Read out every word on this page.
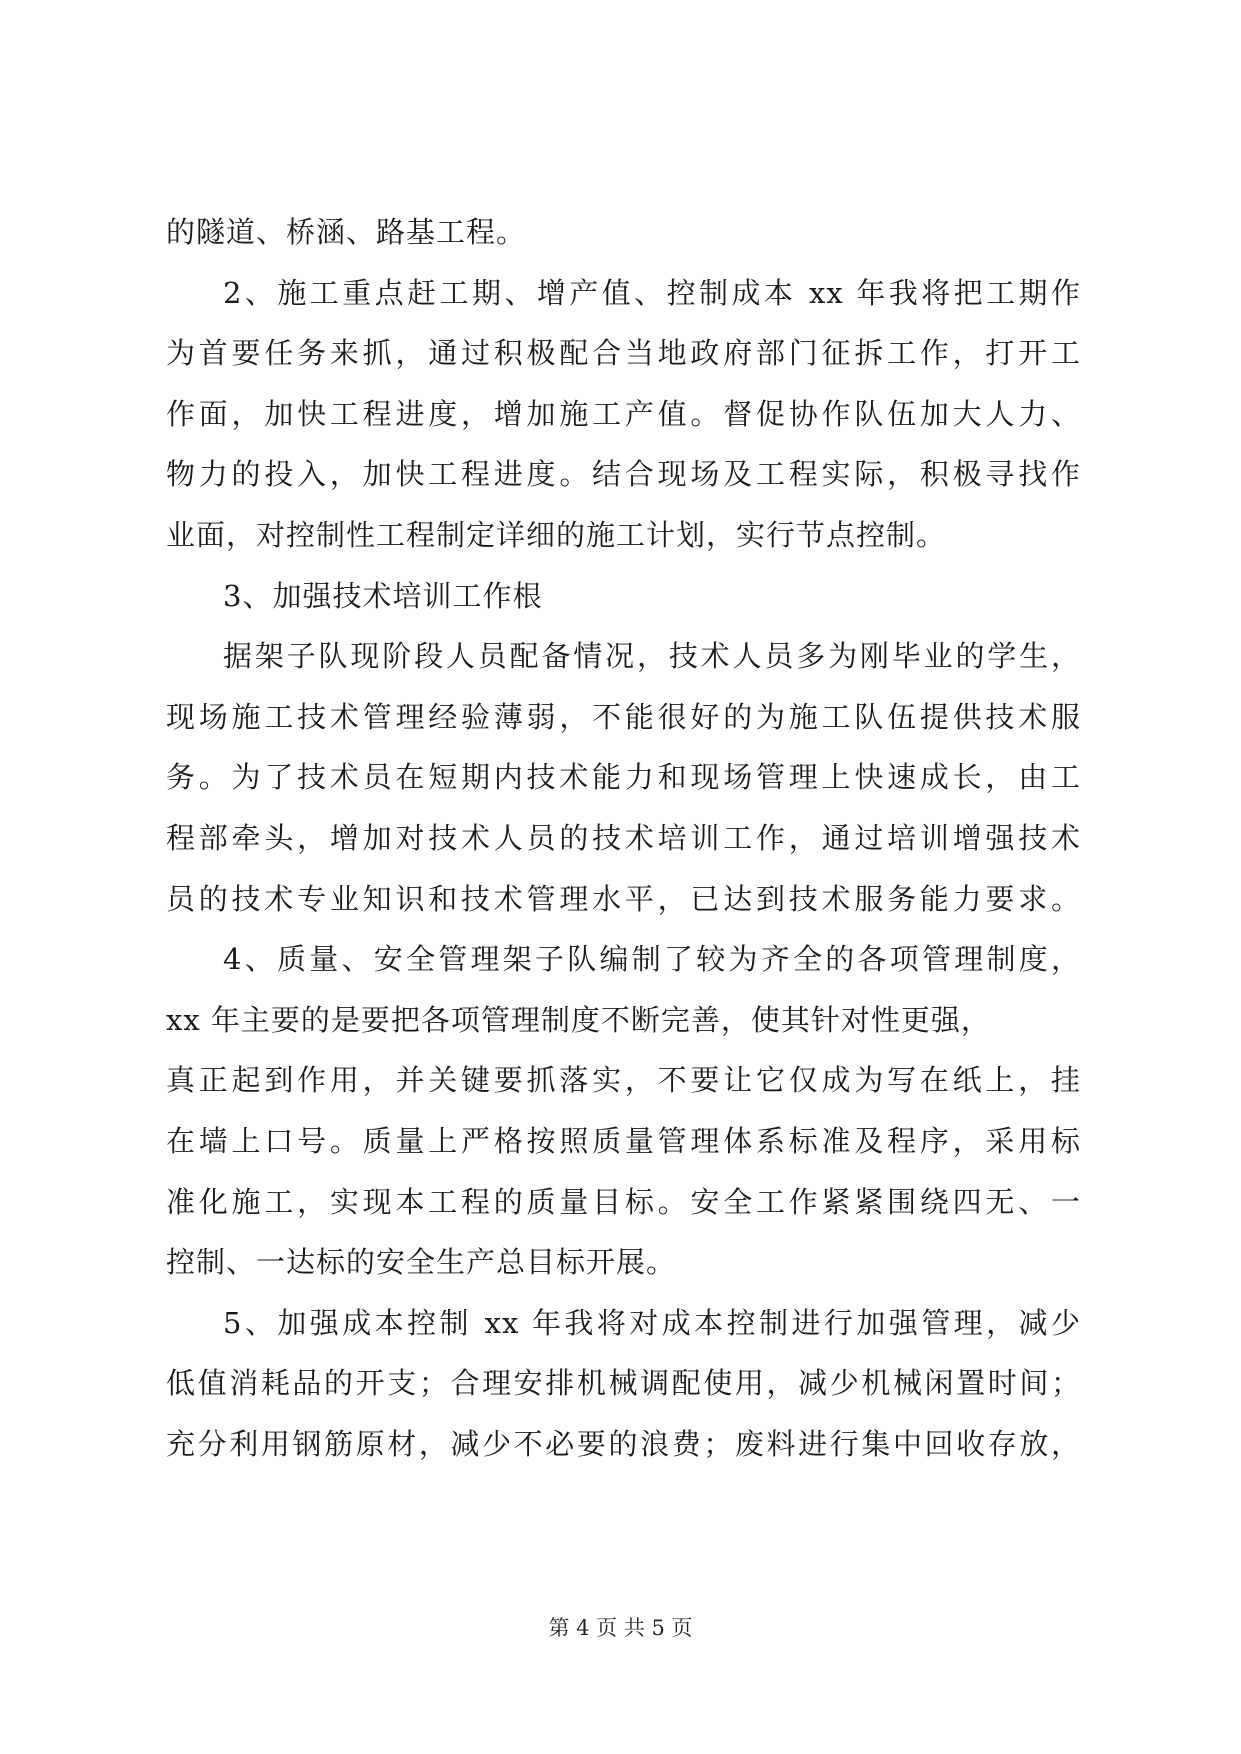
的隧道、桥涵、路基工程。
2、施工重点赶工期、增产值、控制成本 xx 年我将把工期作
为首要任务来抓，通过积极配合当地政府部门征拆工作，打开工
作面，加快工程进度，增加施工产值。督促协作队伍加大人力、
物力的投入，加快工程进度。结合现场及工程实际，积极寻找作
业面，对控制性工程制定详细的施工计划，实行节点控制。
3、加强技术培训工作根
据架子队现阶段人员配备情况，技术人员多为刚毕业的学生，
现场施工技术管理经验薄弱，不能很好的为施工队伍提供技术服
务。为了技术员在短期内技术能力和现场管理上快速成长，由工
程部牵头，增加对技术人员的技术培训工作，通过培训增强技术
员的技术专业知识和技术管理水平，已达到技术服务能力要求。
4、质量、安全管理架子队编制了较为齐全的各项管理制度，
xx 年主要的是要把各项管理制度不断完善，使其针对性更强，
真正起到作用，并关键要抓落实，不要让它仅成为写在纸上，挂
在墙上口号。质量上严格按照质量管理体系标准及程序，采用标
准化施工，实现本工程的质量目标。安全工作紧紧围绕四无、一
控制、一达标的安全生产总目标开展。
5、加强成本控制 xx 年我将对成本控制进行加强管理，减少
低值消耗品的开支；合理安排机械调配使用，减少机械闲置时间；
充分利用钢筋原材，减少不必要的浪费；废料进行集中回收存放，
第 4 页 共 5 页
